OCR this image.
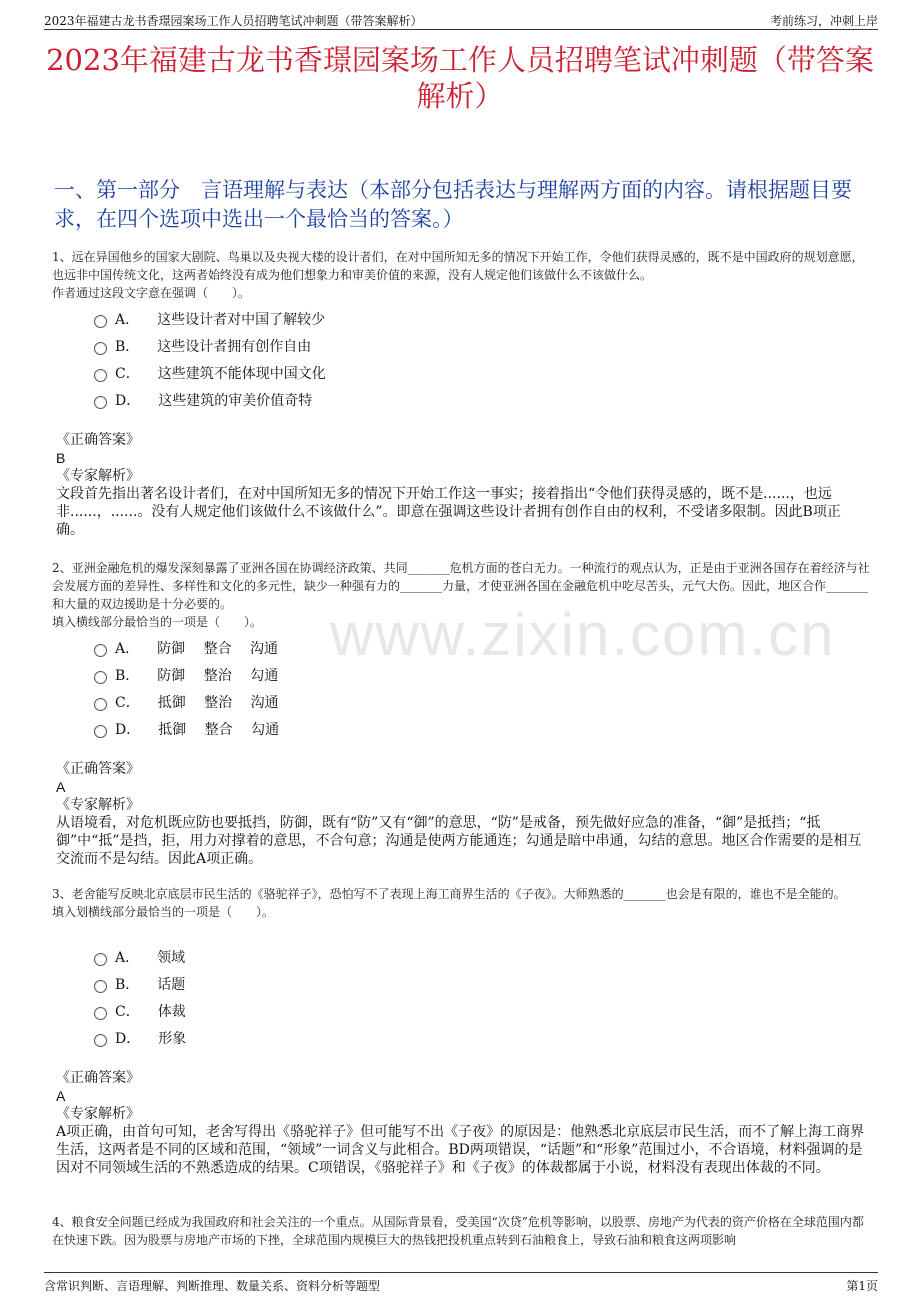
2023年福建古龙书香璟园案场工作人员招聘笔试冲刺题（带答案解析）	考前练习，冲刺上岸
2023年福建古龙书香璟园案场工作人员招聘笔试冲刺题（带答案解析）
一、第一部分　言语理解与表达（本部分包括表达与理解两方面的内容。请根据题目要求，在四个选项中选出一个最恰当的答案。）
1、远在异国他乡的国家大剧院、鸟巢以及央视大楼的设计者们，在对中国所知无多的情况下开始工作，令他们获得灵感的，既不是中国政府的规划意愿，也远非中国传统文化，这两者始终没有成为他们想象力和审美价值的来源，没有人规定他们该做什么不该做什么。
作者通过这段文字意在强调（　　）。
A． 这些设计者对中国了解较少
B． 这些设计者拥有创作自由
C． 这些建筑不能体现中国文化
D． 这些建筑的审美价值奇特
《正确答案》
B
《专家解析》
文段首先指出著名设计者们，在对中国所知无多的情况下开始工作这一事实；接着指出“令他们获得灵感的，既不是......，也远非......，......。没有人规定他们该做什么不该做什么”。即意在强调这些设计者拥有创作自由的权利，不受诸多限制。因此B项正确。
2、亚洲金融危机的爆发深刻暴露了亚洲各国在协调经济政策、共同_______危机方面的苍白无力。一种流行的观点认为，正是由于亚洲各国存在着经济与社会发展方面的差异性、多样性和文化的多元性，缺少一种强有力的_______力量，才使亚洲各国在金融危机中吃尽苦头，元气大伤。因此，地区合作_______和大量的双边援助是十分必要的。
填入横线部分最恰当的一项是（　　）。
A． 防御　 整合　 沟通
B． 防御　 整治　 勾通
C． 抵御　 整治　 沟通
D． 抵御　 整合　 勾通
《正确答案》
A
《专家解析》
从语境看，对危机既应防也要抵挡，防御，既有“防”又有“御”的意思，“防”是戒备，预先做好应急的准备，“御”是抵挡；“抵御”中“抵”是挡，拒，用力对撑着的意思，不合句意；沟通是使两方能通连；勾通是暗中串通，勾结的意思。地区合作需要的是相互交流而不是勾结。因此A项正确。
3、老舍能写反映北京底层市民生活的《骆驼祥子》，恐怕写不了表现上海工商界生活的《子夜》。大师熟悉的_______也会是有限的，谁也不是全能的。
填入划横线部分最恰当的一项是（　　）。
A． 领域
B． 话题
C． 体裁
D． 形象
《正确答案》
A
《专家解析》
A项正确，由首句可知，老舍写得出《骆驼祥子》但可能写不出《子夜》的原因是：他熟悉北京底层市民生活，而不了解上海工商界生活，这两者是不同的区域和范围，“领域”一词含义与此相合。BD两项错误，“话题”和“形象”范围过小，不合语境，材料强调的是因对不同领域生活的不熟悉造成的结果。C项错误，《骆驼祥子》和《子夜》的体裁都属于小说，材料没有表现出体裁的不同。
4、粮食安全问题已经成为我国政府和社会关注的一个重点。从国际背景看，受美国“次贷”危机等影响，以股票、房地产为代表的资产价格在全球范围内都在快速下跌。因为股票与房地产市场的下挫，全球范围内规模巨大的热钱把投机重点转到石油粮食上，导致石油和粮食这两项影响
www.zixin.com.cn
含常识判断、言语理解、判断推理、数量关系、资料分析等题型	第1页
